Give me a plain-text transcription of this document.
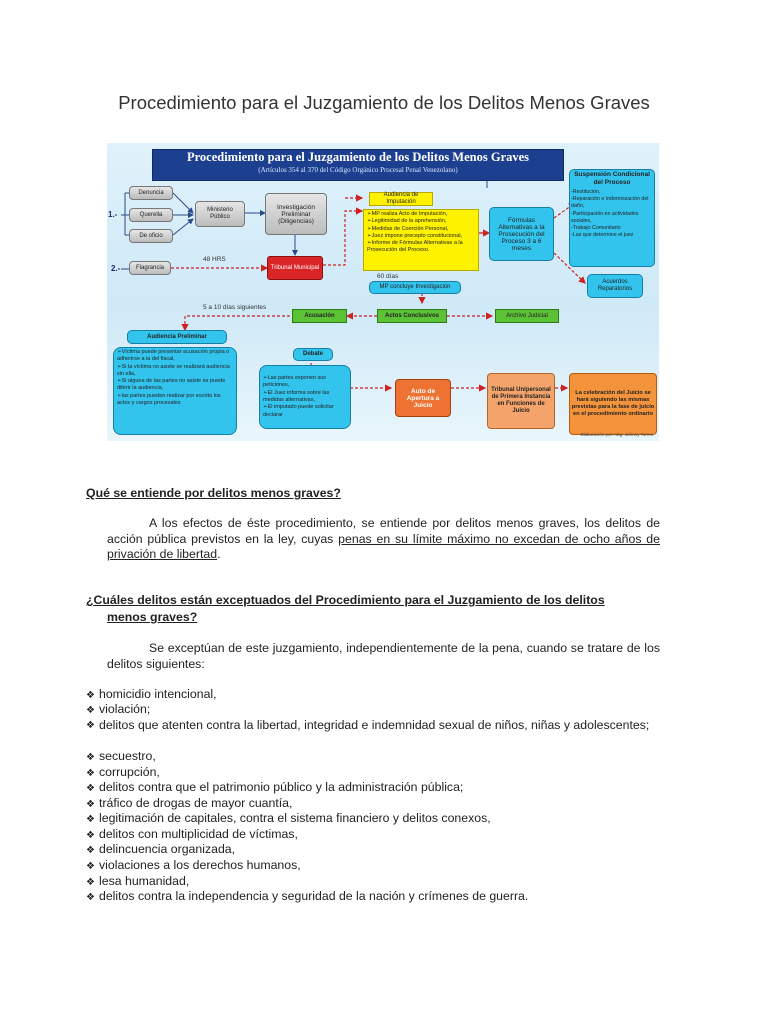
Procedimiento para el Juzgamiento de los Delitos Menos Graves
Procedimiento para el Juzgamiento de los Delitos Menos Graves
(Artículos 354 al 370 del Código Orgánico Procesal Penal Venezolano)
1.-
2.-
Denuncia
Querella
De oficio
Flagrancia
Ministerio Público
Investigación Preliminar (Diligencias)
48 HRS
Tribunal Municipal
Audiencia de Imputación
➢ MP realiza Acto de Imputación,
➢ Legitimidad de la aprehensión,
➢ Medidas de Coerción Personal,
➢ Juez impone precepto constitucional,
➢ Informe de Fórmulas Alternativas a la Prosecución del Proceso.
60 días
MP concluye Investigación
Fórmulas Alternativas a la Prosecución del Proceso 3 a 6 meses
Suspensión Condicional del Proceso
-Restitución,
-Reparación e Indemnización del daño,
-Participación en actividades sociales,
-Trabajo Comunitario
-Las que determine el juez
Acuerdos Reparatorios
5 a 10 días siguientes
Acusación	Actos Conclusivos	Archivo Judicial
Audiencia Preliminar
➢ Víctima puede presentar acusación propia o adherirse a la del fiscal,
➢ Si la víctima no asiste se realizará audiencia sin ella,
➢ Si alguna de las partes no asiste se puede diferir la audiencia,
➢ las partes pueden realizar por escrito los actos y cargos procesales
Debate
➢ Las partes exponen sus peticiones,
➢ El Juez informa sobre las medidas alternativas,
➢ El imputado puede solicitar declarar
Auto de Apertura a Juicio
Tribunal Unipersonal de Primera Instancia en Funciones de Juicio
La celebración del Juicio se hará siguiendo las mismas previstas para la fase de juicio en el procedimiento ordinario
Elaboración por: Abg. Johnny Torres
Qué se entiende por delitos menos graves?
A los efectos de éste procedimiento, se entiende por delitos menos graves, los delitos de acción pública previstos en la ley, cuyas penas en su límite máximo no excedan de ocho años de privación de libertad.
¿Cuáles delitos están exceptuados del Procedimiento para el Juzgamiento de los delitos
menos graves?
Se exceptúan de este juzgamiento, independientemente de la pena, cuando se tratare de los delitos siguientes:
❖ homicidio intencional,
❖ violación;
❖ delitos que atenten contra la libertad, integridad e indemnidad sexual de niños, niñas y adolescentes;
❖ secuestro,
❖ corrupción,
❖ delitos contra que el patrimonio público y la administración pública;
❖ tráfico de drogas de mayor cuantía,
❖ legitimación de capitales, contra el sistema financiero y delitos conexos,
❖ delitos con multiplicidad de víctimas,
❖ delincuencia organizada,
❖ violaciones a los derechos humanos,
❖ lesa humanidad,
❖ delitos contra la independencia y seguridad de la nación y crímenes de guerra.
